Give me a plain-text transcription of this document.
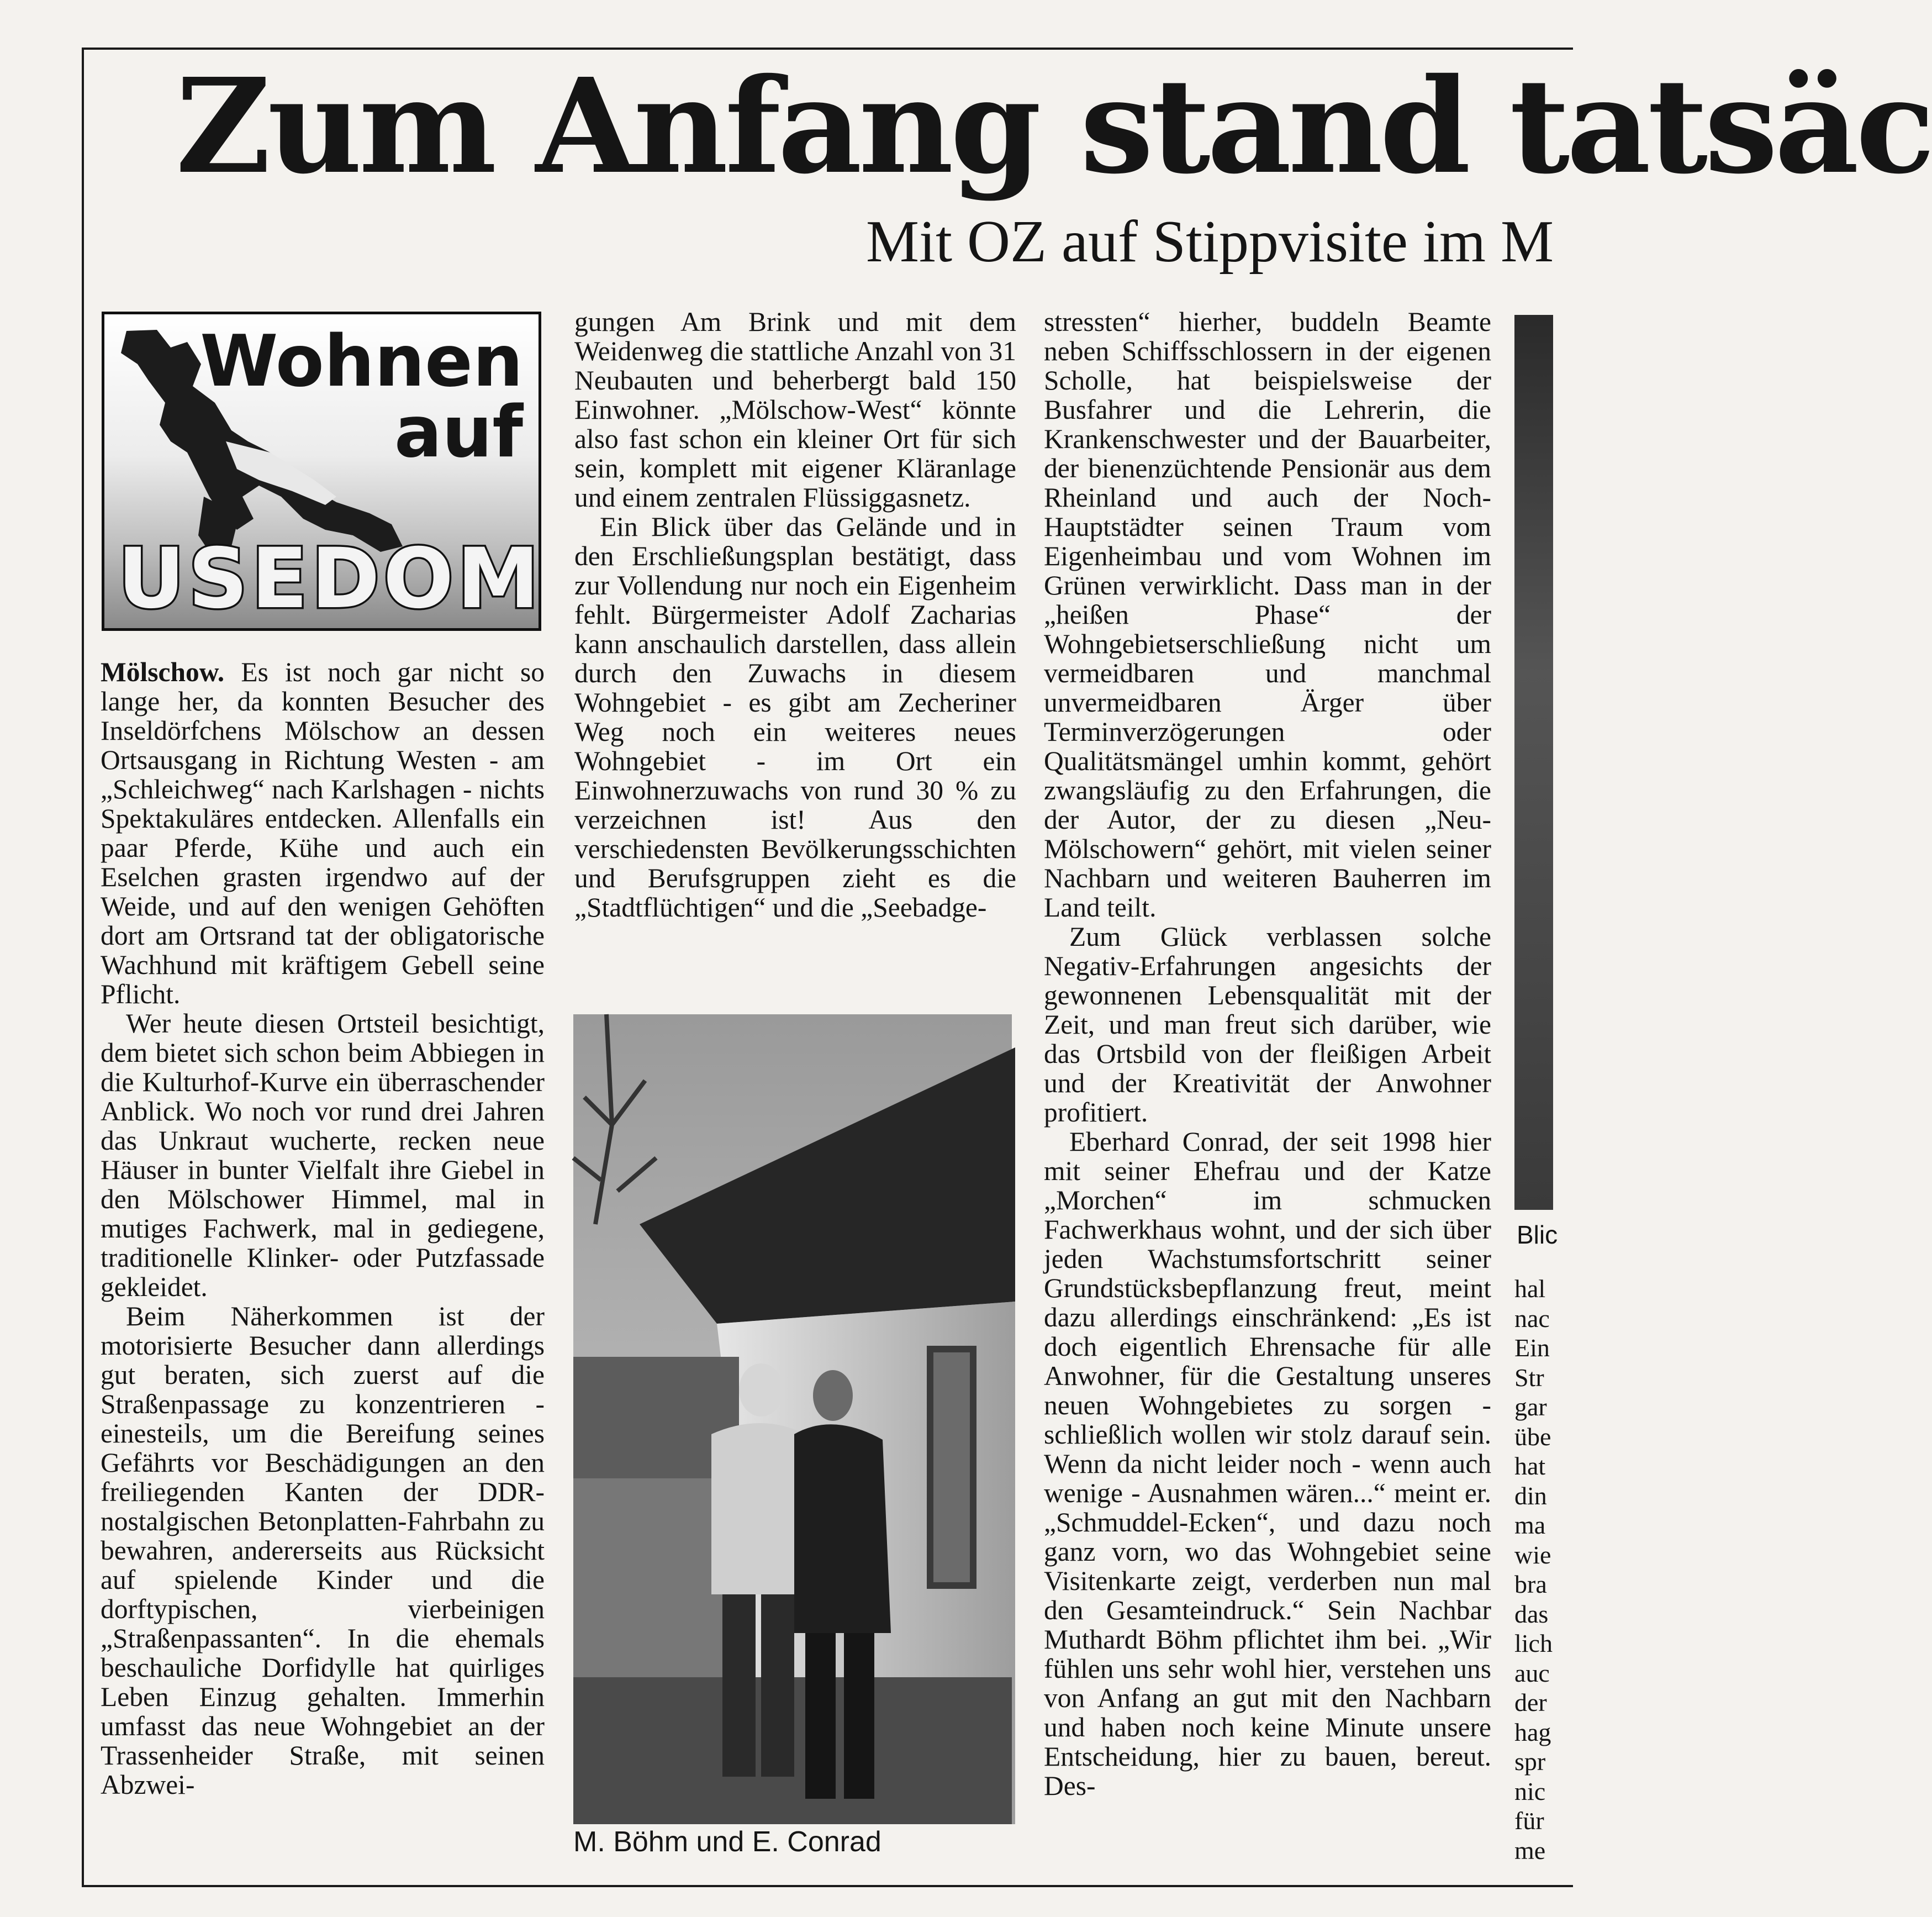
Zum Anfang stand tatsäc
Mit OZ auf Stippvisite im M
Wohnen
auf
USEDOM

Mölschow. Es ist noch gar nicht so lange her, da konnten Besucher des Inseldörfchens Mölschow an dessen Ortsausgang in Richtung Westen - am „Schleichweg“ nach Karlshagen - nichts Spektakuläres entdecken. Allenfalls ein paar Pferde, Kühe und auch ein Eselchen grasten irgendwo auf der Weide, und auf den wenigen Gehöften dort am Ortsrand tat der obligatorische Wachhund mit kräftigem Gebell seine Pflicht.

Wer heute diesen Ortsteil besichtigt, dem bietet sich schon beim Abbiegen in die Kulturhof-Kurve ein überraschender Anblick. Wo noch vor rund drei Jahren das Unkraut wucherte, recken neue Häuser in bunter Vielfalt ihre Giebel in den Mölschower Himmel, mal in mutiges Fachwerk, mal in gediegene, traditionelle Klinker- oder Putzfassade gekleidet.

Beim Näherkommen ist der motorisierte Besucher dann allerdings gut beraten, sich zuerst auf die Straßenpassage zu konzentrieren - einesteils, um die Bereifung seines Gefährts vor Beschädigungen an den freiliegenden Kanten der DDR-nostalgischen Betonplatten-Fahrbahn zu bewahren, andererseits aus Rücksicht auf spielende Kinder und die dorftypischen, vierbeinigen „Straßenpassanten“. In die ehemals beschauliche Dorfidylle hat quirliges Leben Einzug gehalten. Immerhin umfasst das neue Wohngebiet an der Trassenheider Straße, mit seinen Abzwei-

gungen Am Brink und mit dem Weidenweg die stattliche Anzahl von 31 Neubauten und beherbergt bald 150 Einwohner. „Mölschow-West“ könnte also fast schon ein kleiner Ort für sich sein, komplett mit eigener Kläranlage und einem zentralen Flüssiggasnetz.

Ein Blick über das Gelände und in den Erschließungsplan bestätigt, dass zur Vollendung nur noch ein Eigenheim fehlt. Bürgermeister Adolf Zacharias kann anschaulich darstellen, dass allein durch den Zuwachs in diesem Wohngebiet - es gibt am Zecheriner Weg noch ein weiteres neues Wohngebiet - im Ort ein Einwohnerzuwachs von rund 30 % zu verzeichnen ist! Aus den verschiedensten Bevölkerungsschichten und Berufsgruppen zieht es die „Stadtflüchtigen“ und die „Seebadge-

M. Böhm und E. Conrad

stressten“ hierher, buddeln Beamte neben Schiffsschlossern in der eigenen Scholle, hat beispielsweise der Busfahrer und die Lehrerin, die Krankenschwester und der Bauarbeiter, der bienenzüchtende Pensionär aus dem Rheinland und auch der Noch-Hauptstädter seinen Traum vom Eigenheimbau und vom Wohnen im Grünen verwirklicht. Dass man in der „heißen Phase“ der Wohngebietserschließung nicht um vermeidbaren und manchmal unvermeidbaren Ärger über Terminverzögerungen oder Qualitätsmängel umhin kommt, gehört zwangsläufig zu den Erfahrungen, die der Autor, der zu diesen „Neu-Mölschowern“ gehört, mit vielen seiner Nachbarn und weiteren Bauherren im Land teilt.

Zum Glück verblassen solche Negativ-Erfahrungen angesichts der gewonnenen Lebensqualität mit der Zeit, und man freut sich darüber, wie das Ortsbild von der fleißigen Arbeit und der Kreativität der Anwohner profitiert.

Eberhard Conrad, der seit 1998 hier mit seiner Ehefrau und der Katze „Morchen“ im schmucken Fachwerkhaus wohnt, und der sich über jeden Wachstumsfortschritt seiner Grundstücksbepflanzung freut, meint dazu allerdings einschränkend: „Es ist doch eigentlich Ehrensache für alle Anwohner, für die Gestaltung unseres neuen Wohngebietes zu sorgen - schließlich wollen wir stolz darauf sein. Wenn da nicht leider noch - wenn auch wenige - Ausnahmen wären...“ meint er. „Schmuddel-Ecken“, und dazu noch ganz vorn, wo das Wohngebiet seine Visitenkarte zeigt, verderben nun mal den Gesamteindruck.“ Sein Nachbar Muthardt Böhm pflichtet ihm bei. „Wir fühlen uns sehr wohl hier, verstehen uns von Anfang an gut mit den Nachbarn und haben noch keine Minute unsere Entscheidung, hier zu bauen, bereut. Des-

Blic
hal
nac
Ein
Str
gar
übe
hat
din
ma
wie
bra
das
lich
auc
der
hag
spr
nic
für
me
